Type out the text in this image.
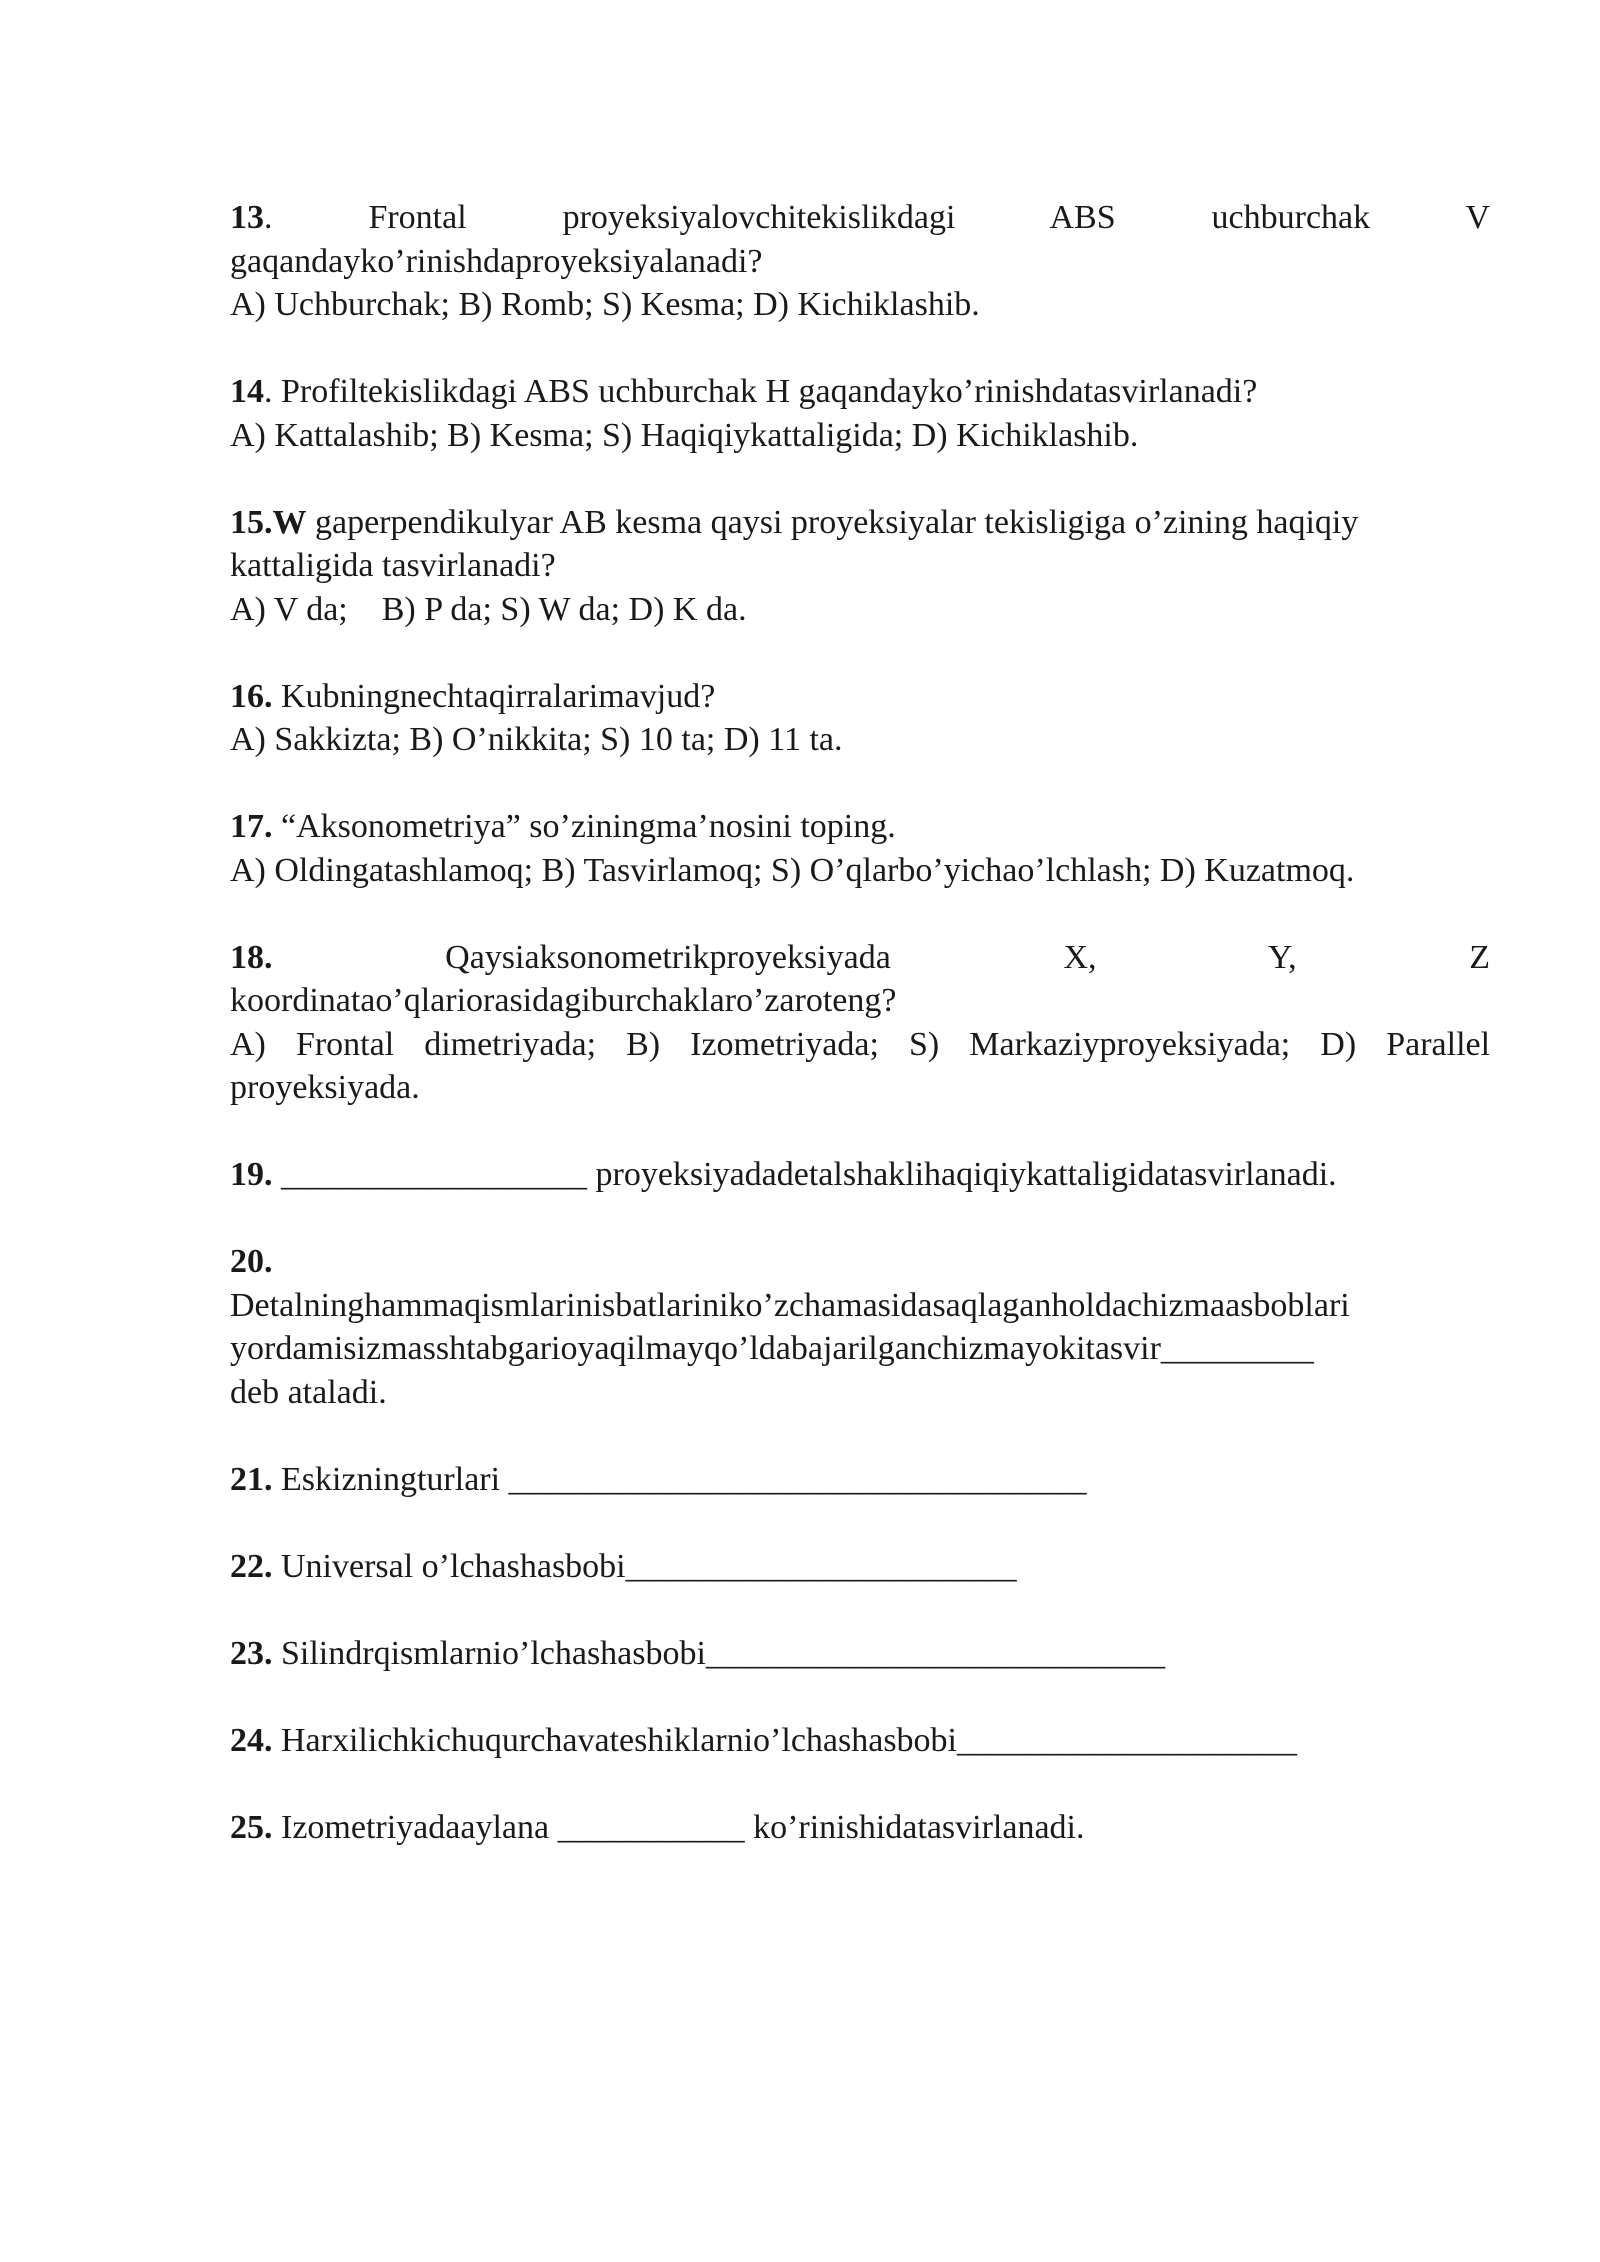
13.	Frontal	proyeksiyalovchitekislikdagi	ABS	uchburchak	V
gaqandayko’rinishdaproyeksiyalanadi?
A) Uchburchak; B) Romb; S) Kesma; D) Kichiklashib.
14. Profiltekislikdagi ABS uchburchak H gaqandayko’rinishdatasvirlanadi?
A) Kattalashib; B) Kesma; S) Haqiqiykattaligida; D) Kichiklashib.
15.W gaperpendikulyar AB kesma qaysi proyeksiyalar tekisligiga o’zining haqiqiy
kattaligida tasvirlanadi?
A) V da;    B) P da; S) W da; D) K da.
16. Kubningnechtaqirralarimavjud?
A) Sakkizta; B) O’nikkita; S) 10 ta; D) 11 ta.
17. “Aksonometriya” so’ziningma’nosini toping.
A) Oldingatashlamoq; B) Tasvirlamoq; S) O’qlarbo’yichao’lchlash; D) Kuzatmoq.
18.	Qaysiaksonometrikproyeksiyada	X,	Y,	Z
koordinatao’qlariorasidagiburchaklaro’zaroteng?
A) Frontal dimetriyada; B) Izometriyada; S) Markaziyproyeksiyada; D) Parallel
proyeksiyada.
19. __________________ proyeksiyadadetalshaklihaqiqiykattaligidatasvirlanadi.
20.
Detalninghammaqismlarinisbatlariniko’zchamasidasaqlaganholdachizmaasboblari
yordamisizmasshtabgarioyaqilmayqo’ldabajarilganchizmayokitasvir_________
deb ataladi.
21. Eskizningturlari __________________________________
22. Universal o’lchashasbobi_______________________
23. Silindrqismlarnio’lchashasbobi___________________________
24. Harxilichkichuqurchavateshiklarnio’lchashasbobi____________________
25. Izometriyadaaylana ___________ ko’rinishidatasvirlanadi.
